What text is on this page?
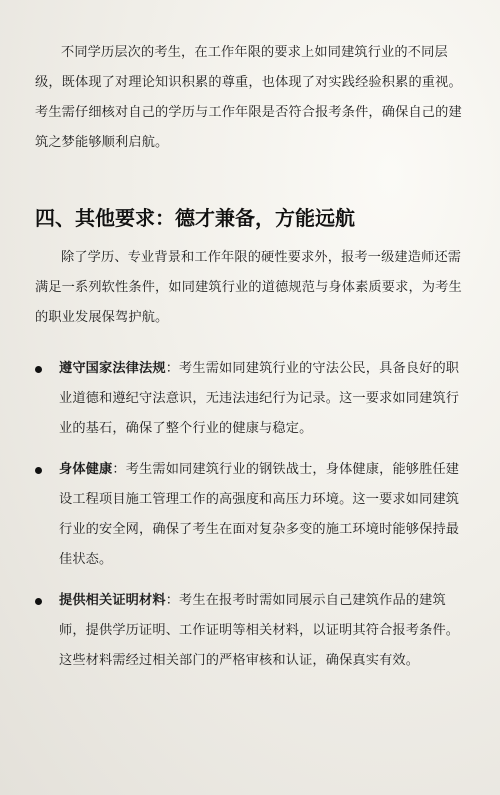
不同学历层次的考生，在工作年限的要求上如同建筑行业的不同层级，既体现了对理论知识积累的尊重，也体现了对实践经验积累的重视。考生需仔细核对自己的学历与工作年限是否符合报考条件，确保自己的建筑之梦能够顺利启航。

四、其他要求：德才兼备，方能远航

除了学历、专业背景和工作年限的硬性要求外，报考一级建造师还需满足一系列软性条件，如同建筑行业的道德规范与身体素质要求，为考生的职业发展保驾护航。

遵守国家法律法规：考生需如同建筑行业的守法公民，具备良好的职业道德和遵纪守法意识，无违法违纪行为记录。这一要求如同建筑行业的基石，确保了整个行业的健康与稳定。
身体健康：考生需如同建筑行业的钢铁战士，身体健康，能够胜任建设工程项目施工管理工作的高强度和高压力环境。这一要求如同建筑行业的安全网，确保了考生在面对复杂多变的施工环境时能够保持最佳状态。
提供相关证明材料：考生在报考时需如同展示自己建筑作品的建筑师，提供学历证明、工作证明等相关材料，以证明其符合报考条件。这些材料需经过相关部门的严格审核和认证，确保真实有效。
